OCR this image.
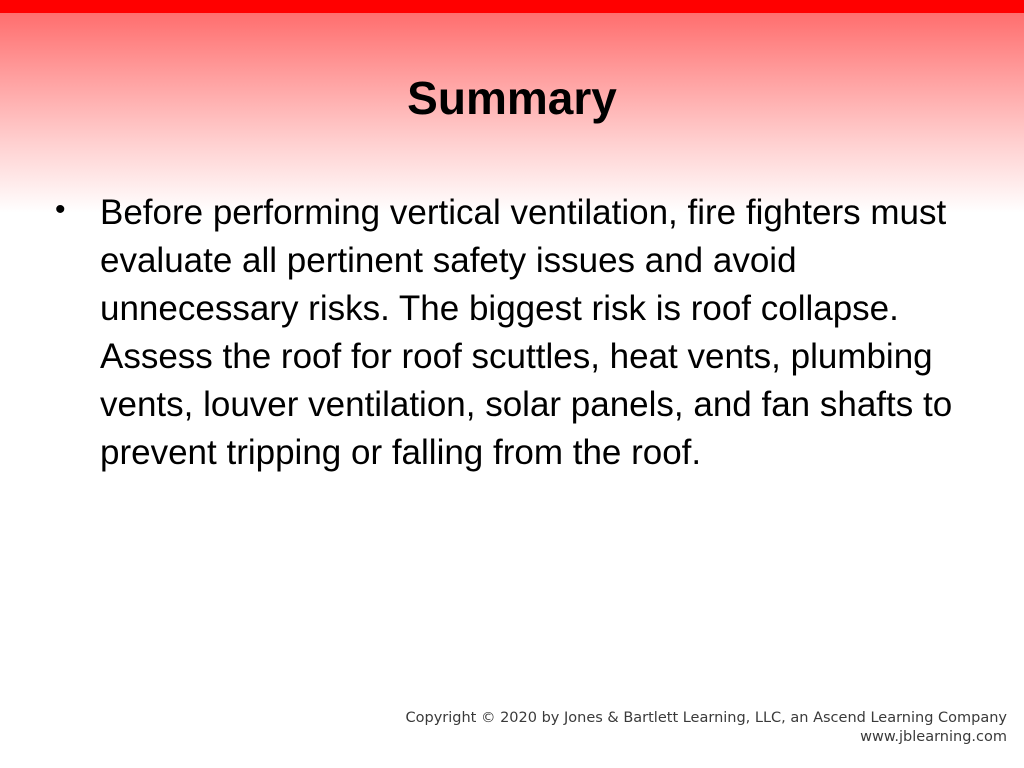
Summary
• Before performing vertical ventilation, fire fighters must evaluate all pertinent safety issues and avoid unnecessary risks. The biggest risk is roof collapse. Assess the roof for roof scuttles, heat vents, plumbing vents, louver ventilation, solar panels, and fan shafts to prevent tripping or falling from the roof.
Copyright © 2020 by Jones & Bartlett Learning, LLC, an Ascend Learning Company
www.jblearning.com
